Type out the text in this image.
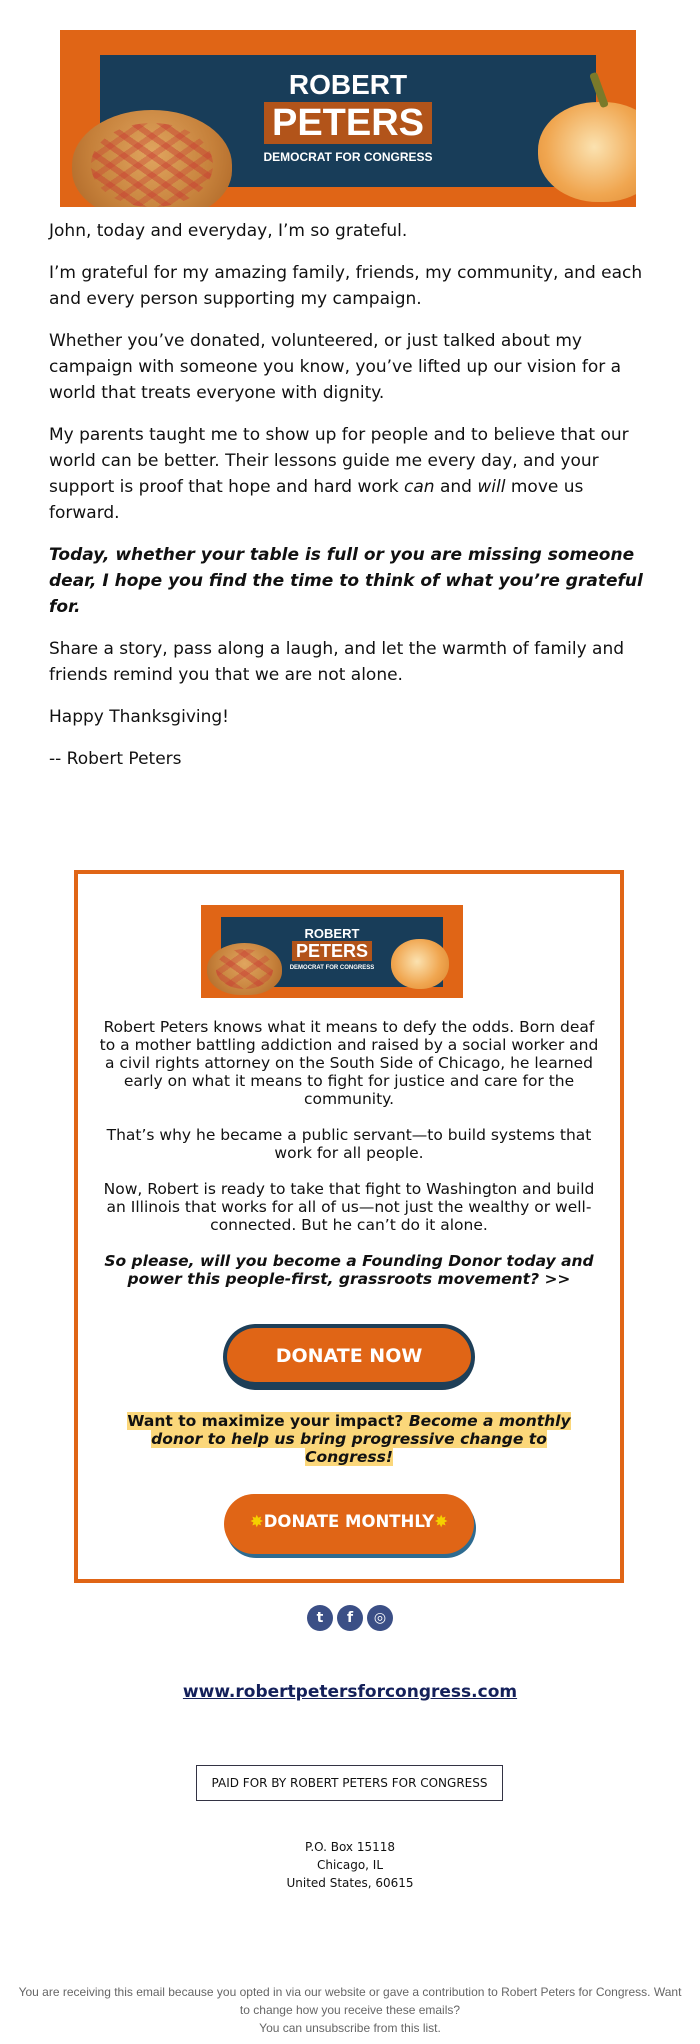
ROBERT
PETERS
DEMOCRAT FOR CONGRESS

John, today and everyday, I’m so grateful.

I’m grateful for my amazing family, friends, my community, and each and every person supporting my campaign.

Whether you’ve donated, volunteered, or just talked about my campaign with someone you know, you’ve lifted up our vision for a world that treats everyone with dignity.

My parents taught me to show up for people and to believe that our world can be better. Their lessons guide me every day, and your support is proof that hope and hard work can and will move us forward.

Today, whether your table is full or you are missing someone dear, I hope you find the time to think of what you’re grateful for.

Share a story, pass along a laugh, and let the warmth of family and friends remind you that we are not alone.

Happy Thanksgiving!

-- Robert Peters

ROBERT
PETERS
DEMOCRAT FOR CONGRESS

Robert Peters knows what it means to defy the odds. Born deaf to a mother battling addiction and raised by a social worker and a civil rights attorney on the South Side of Chicago, he learned early on what it means to fight for justice and care for the community.

That’s why he became a public servant—to build systems that work for all people.

Now, Robert is ready to take that fight to Washington and build an Illinois that works for all of us—not just the wealthy or well-connected. But he can’t do it alone.

So please, will you become a Founding Donor today and power this people-first, grassroots movement? >>

DONATE NOW
Want to maximize your impact? Become a monthly donor to help us bring progressive change to Congress!
✸DONATE MONTHLY✸
t f ◎
www.robertpetersforcongress.com
PAID FOR BY ROBERT PETERS FOR CONGRESS
P.O. Box 15118
Chicago, IL
United States, 60615
You are receiving this email because you opted in via our website or gave a contribution to Robert Peters for Congress. Want to change how you receive these emails?
You can unsubscribe from this list.
